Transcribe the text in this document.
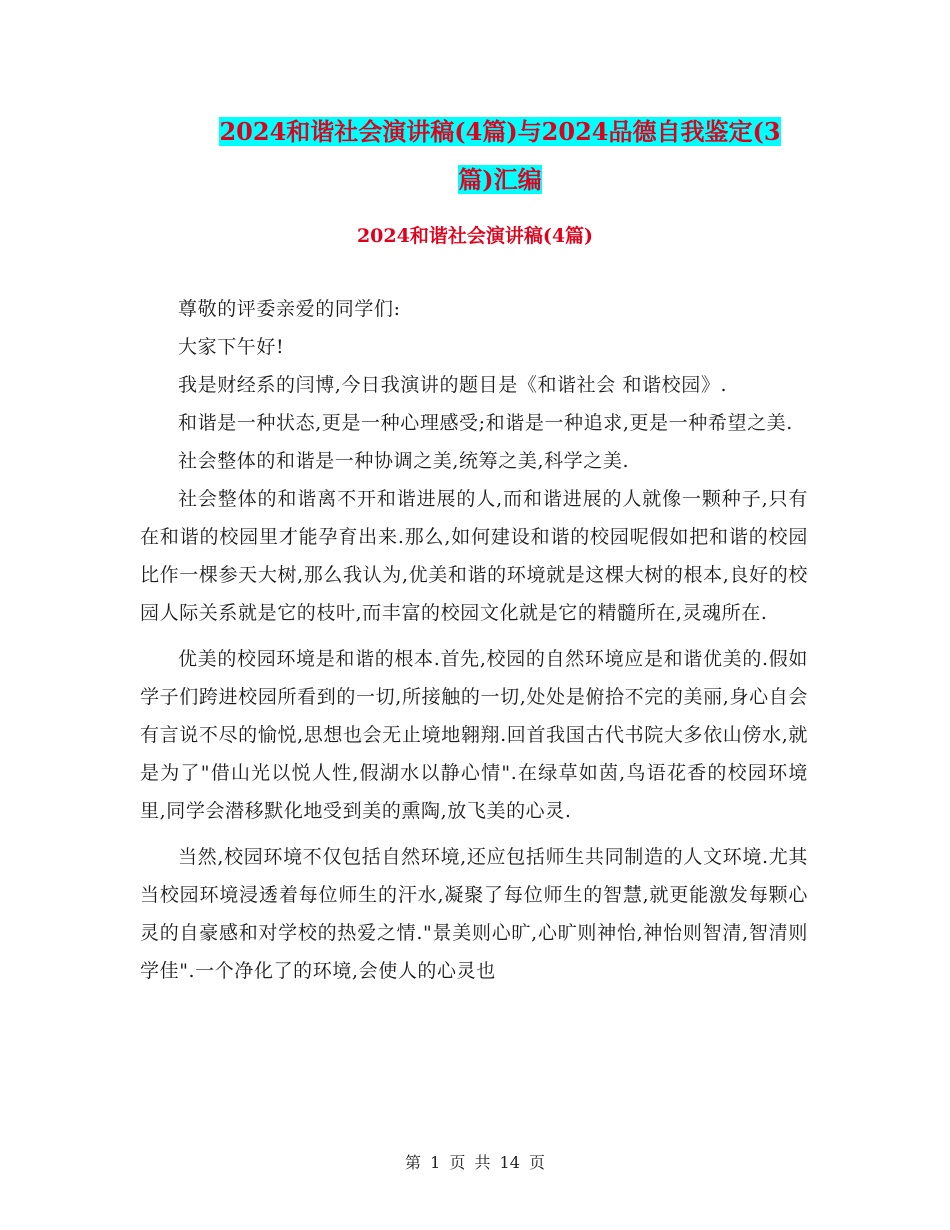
2024和谐社会演讲稿(4篇)与2024品德自我鉴定(3
篇)汇编
2024和谐社会演讲稿(4篇)

尊敬的评委亲爱的同学们:

大家下午好!

我是财经系的闫博,今日我演讲的题目是《和谐社会 和谐校园》.

和谐是一种状态,更是一种心理感受;和谐是一种追求,更是一种希望之美.

社会整体的和谐是一种协调之美,统筹之美,科学之美.

社会整体的和谐离不开和谐进展的人,而和谐进展的人就像一颗种子,只有在和谐的校园里才能孕育出来.那么,如何建设和谐的校园呢假如把和谐的校园比作一棵参天大树,那么我认为,优美和谐的环境就是这棵大树的根本,良好的校园人际关系就是它的枝叶,而丰富的校园文化就是它的精髓所在,灵魂所在.

优美的校园环境是和谐的根本.首先,校园的自然环境应是和谐优美的.假如学子们跨进校园所看到的一切,所接触的一切,处处是俯拾不完的美丽,身心自会有言说不尽的愉悦,思想也会无止境地翱翔.回首我国古代书院大多依山傍水,就是为了"借山光以悦人性,假湖水以静心情".在绿草如茵,鸟语花香的校园环境里,同学会潜移默化地受到美的熏陶,放飞美的心灵.

当然,校园环境不仅包括自然环境,还应包括师生共同制造的人文环境.尤其当校园环境浸透着每位师生的汗水,凝聚了每位师生的智慧,就更能激发每颗心灵的自豪感和对学校的热爱之情."景美则心旷,心旷则神怡,神怡则智清,智清则学佳".一个净化了的环境,会使人的心灵也

第 1 页 共 14 页
